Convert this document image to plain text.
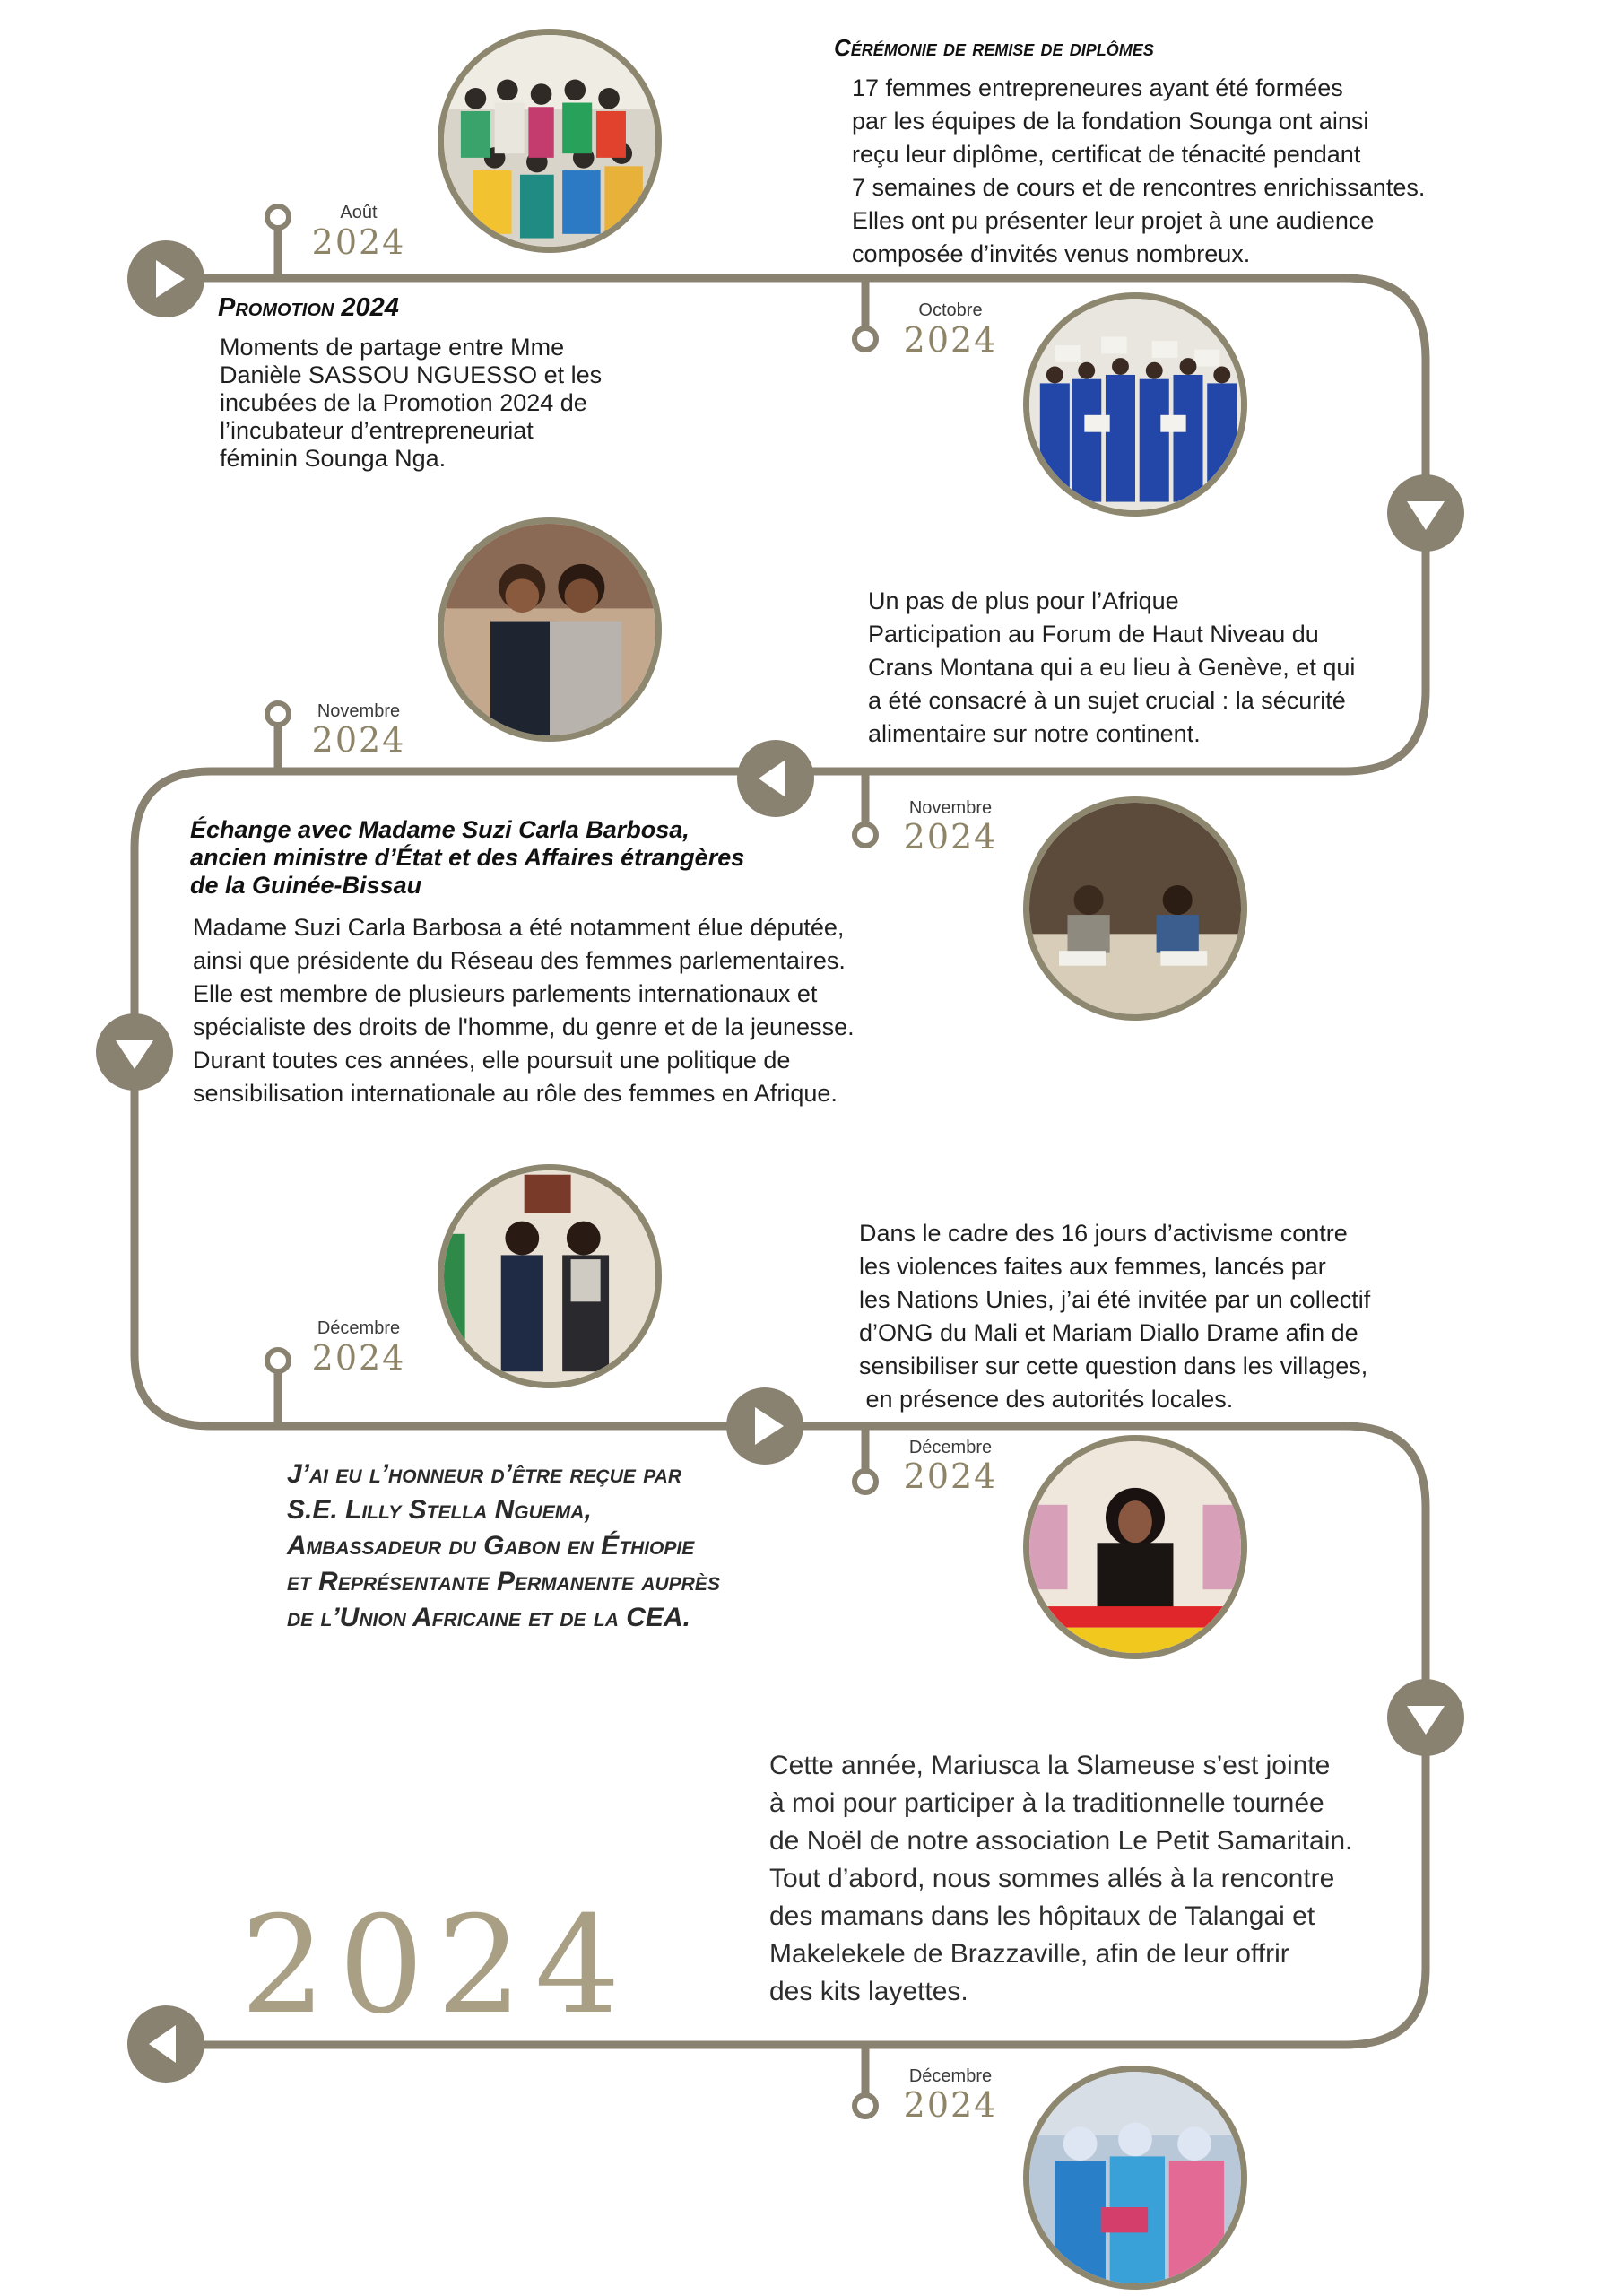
Août
2024
Octobre
2024
Novembre
2024
Novembre
2024
Décembre
2024
Décembre
2024
Décembre
2024
Cérémonie de remise de diplômes
17 femmes entrepreneures ayant été formées
par les équipes de la fondation Sounga ont ainsi
reçu leur diplôme, certificat de ténacité pendant
7 semaines de cours et de rencontres enrichissantes.
Elles ont pu présenter leur projet à une audience
composée d’invités venus nombreux.
Promotion 2024
Moments de partage entre Mme
Danièle SASSOU NGUESSO et les
incubées de la Promotion 2024 de
l’incubateur d’entrepreneuriat
féminin Sounga Nga.
Un pas de plus pour l’Afrique
Participation au Forum de Haut Niveau du
Crans Montana qui a eu lieu à Genève, et qui
a été consacré à un sujet crucial : la sécurité
alimentaire sur notre continent.
Échange avec Madame Suzi Carla Barbosa,
ancien ministre d’État et des Affaires étrangères
de la Guinée-Bissau
Madame Suzi Carla Barbosa a été notamment élue députée,
ainsi que présidente du Réseau des femmes parlementaires.
Elle est membre de plusieurs parlements internationaux et
spécialiste des droits de l'homme, du genre et de la jeunesse.
Durant toutes ces années, elle poursuit une politique de
sensibilisation internationale au rôle des femmes en Afrique.
Dans le cadre des 16 jours d’activisme contre
les violences faites aux femmes, lancés par
les Nations Unies, j’ai été invitée par un collectif
d’ONG du Mali et Mariam Diallo Drame afin de
sensibiliser sur cette question dans les villages,
en présence des autorités locales.
J’ai eu l’honneur d’être reçue par
S.E. Lilly Stella Nguema,
Ambassadeur du Gabon en Éthiopie
et Représentante Permanente auprès
de l’Union Africaine et de la CEA.
Cette année, Mariusca la Slameuse s’est jointe
à moi pour participer à la traditionnelle tournée
de Noël de notre association Le Petit Samaritain.
Tout d’abord, nous sommes allés à la rencontre
des mamans dans les hôpitaux de Talangai et
Makelekele de Brazzaville, afin de leur offrir
des kits layettes.
2024
